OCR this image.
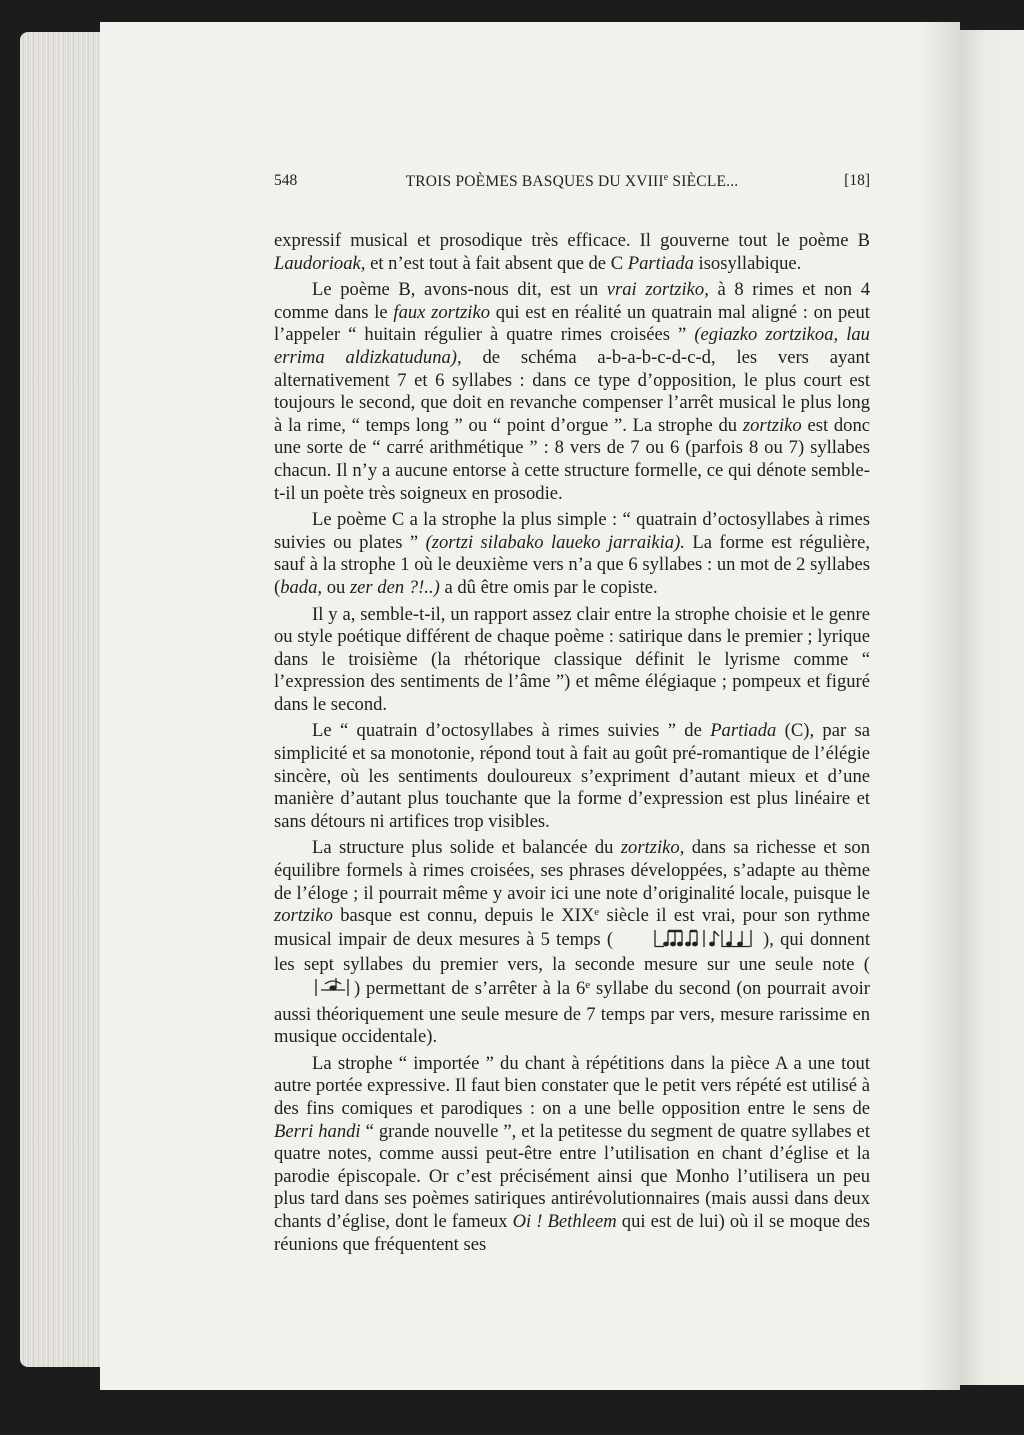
548	TROIS POÈMES BASQUES DU XVIIIe SIÈCLE...	[18]

expressif musical et prosodique très efficace. Il gouverne tout le poème B Laudorioak, et n’est tout à fait absent que de C Partiada isosyllabique.

Le poème B, avons-nous dit, est un vrai zortziko, à 8 rimes et non 4 comme dans le faux zortziko qui est en réalité un quatrain mal aligné : on peut l’appeler “ huitain régulier à quatre rimes croisées ” (egiazko zortzikoa, lau errima aldizkatuduna), de schéma a-b-a-b-c-d-c-d, les vers ayant alternativement 7 et 6 syllabes : dans ce type d’opposition, le plus court est toujours le second, que doit en revanche compenser l’arrêt musical le plus long à la rime, “ temps long ” ou “ point d’orgue ”. La strophe du zortziko est donc une sorte de “ carré arithmétique ” : 8 vers de 7 ou 6 (parfois 8 ou 7) syllabes chacun. Il n’y a aucune entorse à cette structure formelle, ce qui dénote semble-t-il un poète très soigneux en prosodie.

Le poème C a la strophe la plus simple : “ quatrain d’octosyllabes à rimes suivies ou plates ” (zortzi silabako laueko jarraikia). La forme est régulière, sauf à la strophe 1 où le deuxième vers n’a que 6 syllabes : un mot de 2 syllabes (bada, ou zer den ?!..) a dû être omis par le copiste.

Il y a, semble-t-il, un rapport assez clair entre la strophe choisie et le genre ou style poétique différent de chaque poème : satirique dans le premier ; lyrique dans le troisième (la rhétorique classique définit le lyrisme comme “ l’expression des sentiments de l’âme ”) et même élégiaque ; pompeux et figuré dans le second.

Le “ quatrain d’octosyllabes à rimes suivies ” de Partiada (C), par sa simplicité et sa monotonie, répond tout à fait au goût pré-romantique de l’élégie sincère, où les sentiments douloureux s’expriment d’autant mieux et d’une manière d’autant plus touchante que la forme d’expression est plus linéaire et sans détours ni artifices trop visibles.

La structure plus solide et balancée du zortziko, dans sa richesse et son équilibre formels à rimes croisées, ses phrases développées, s’adapte au thème de l’éloge ; il pourrait même y avoir ici une note d’originalité locale, puisque le zortziko basque est connu, depuis le XIXe siècle il est vrai, pour son rythme musical impair de deux mesures à 5 temps (	), qui donnent les sept syllabes du premier vers, la seconde mesure sur une seule note () permettant de s’arrêter à la 6e syllabe du second (on pourrait avoir aussi théoriquement une seule mesure de 7 temps par vers, mesure rarissime en musique occidentale).

La strophe “ importée ” du chant à répétitions dans la pièce A a une tout autre portée expressive. Il faut bien constater que le petit vers répété est utilisé à des fins comiques et parodiques : on a une belle opposition entre le sens de Berri handi “ grande nouvelle ”, et la petitesse du segment de quatre syllabes et quatre notes, comme aussi peut-être entre l’utilisation en chant d’église et la parodie épiscopale. Or c’est précisément ainsi que Monho l’utilisera un peu plus tard dans ses poèmes satiriques antirévolutionnaires (mais aussi dans deux chants d’église, dont le fameux Oi ! Bethleem qui est de lui) où il se moque des réunions que fréquentent ses
